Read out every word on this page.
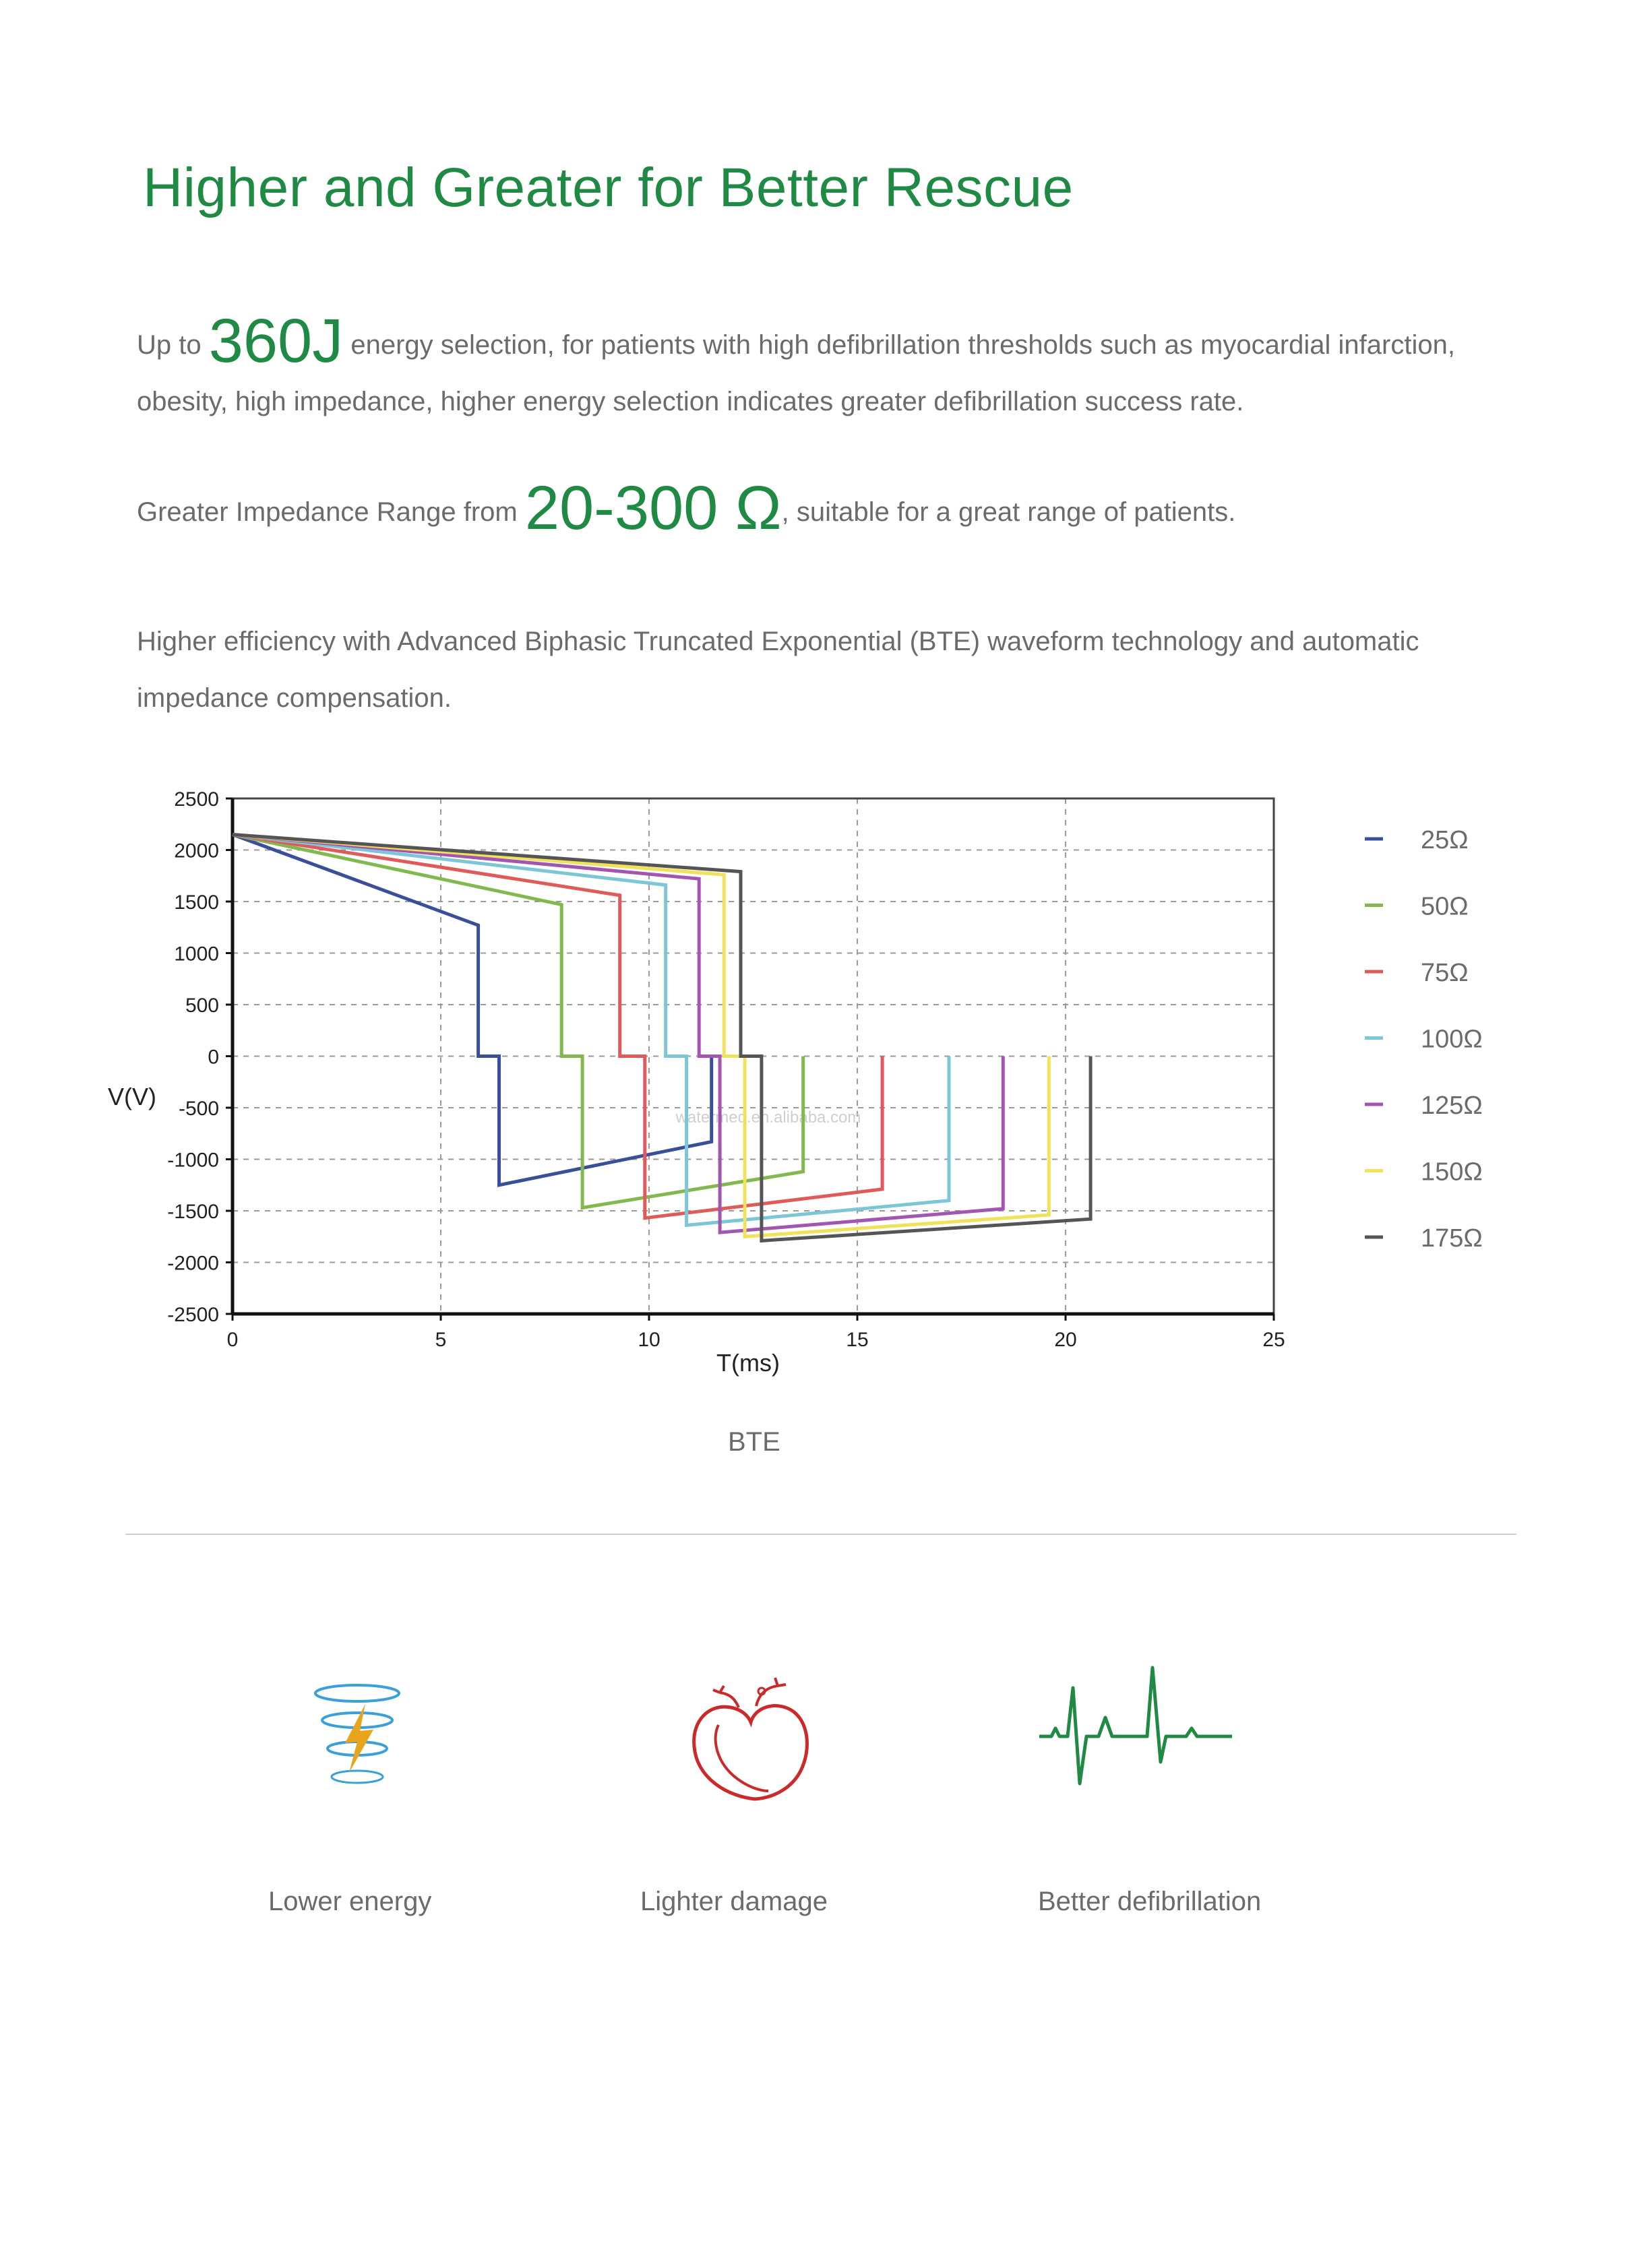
Higher and Greater for Better Rescue

Up to 360J energy selection, for patients with high defibrillation thresholds such as myocardial infarction, obesity, high impedance, higher energy selection indicates greater defibrillation success rate.

Greater Impedance Range from 20-300 Ω, suitable for a great range of patients.

Higher efficiency with Advanced Biphasic Truncated Exponential (BTE) waveform technology and automatic impedance compensation.

0	5	10	15	20	25
2500
2000
1500
1000
500
0
-500
-1000
-1500
-2000
-2500
watermed.en.alibaba.com
T(ms)
V(V)
25Ω
50Ω
75Ω
100Ω
125Ω
150Ω
175Ω
BTE
Lower energy	Lighter damage	Better defibrillation
